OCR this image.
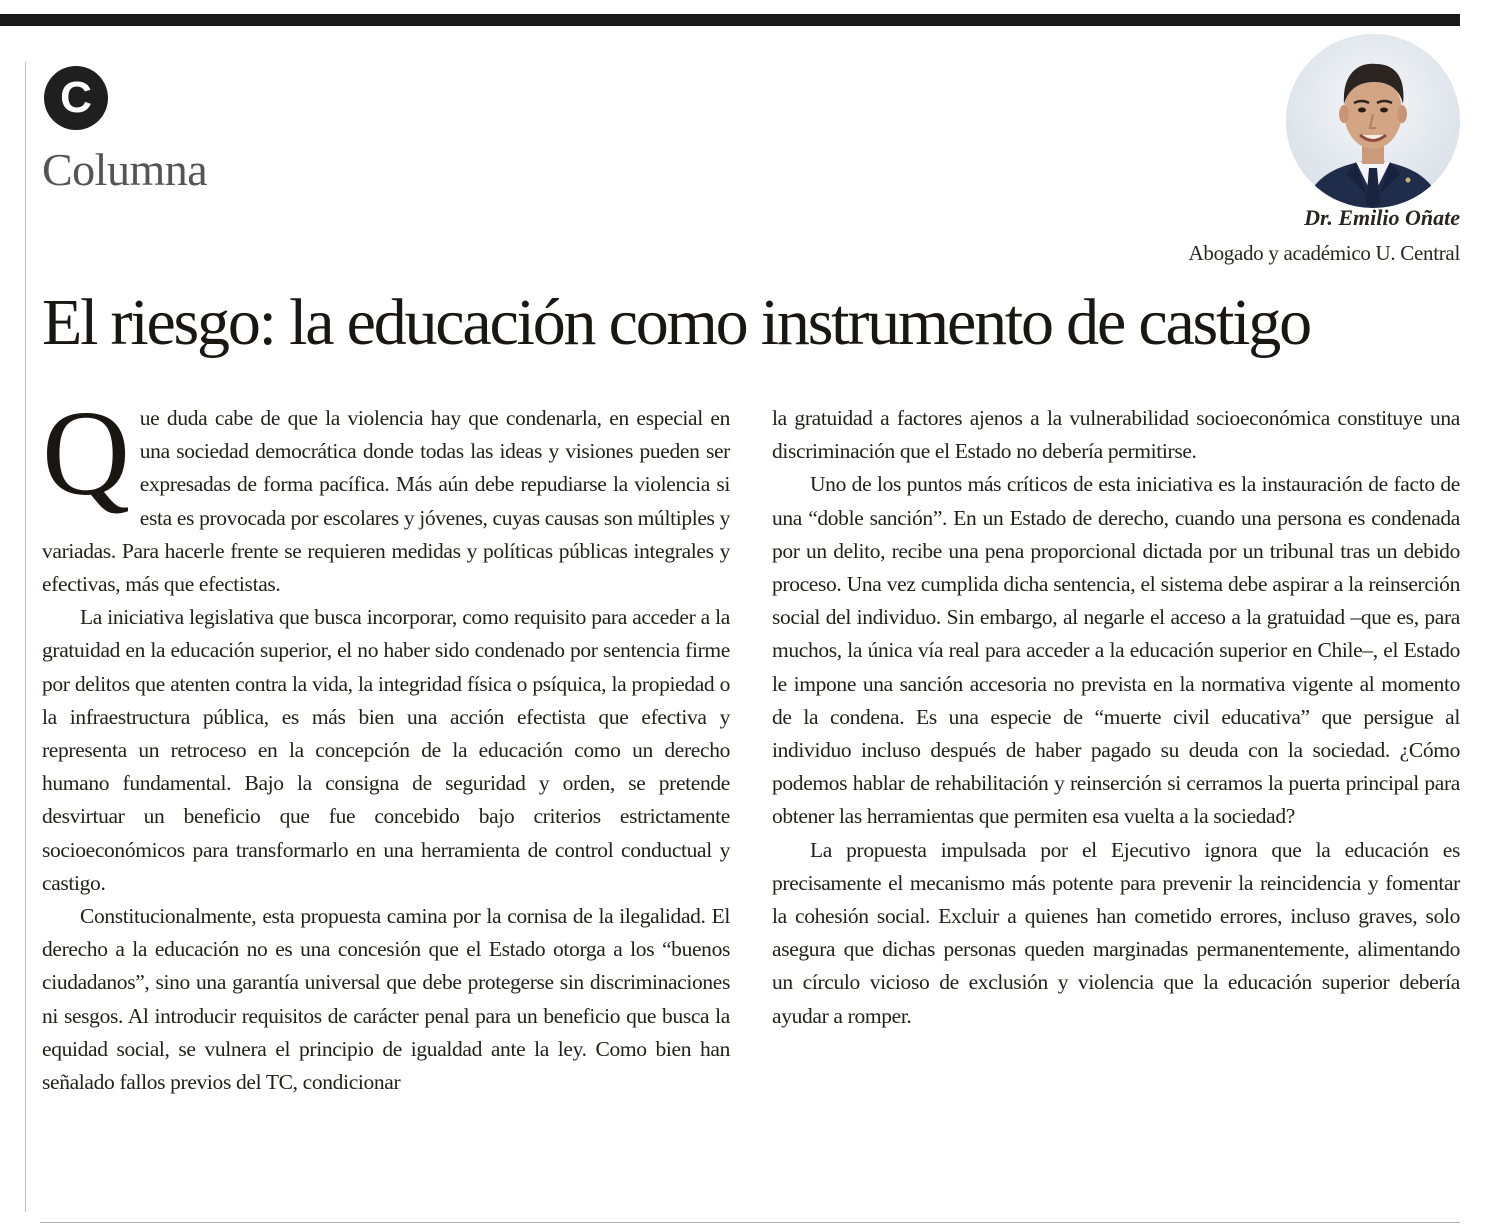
C
Columna
Dr. Emilio Oñate
Abogado y académico U. Central
El riesgo: la educación como instrumento de castigo

Que duda cabe de que la violencia hay que condenarla, en especial en una sociedad democrática donde todas las ideas y visiones pueden ser expresadas de forma pacífica. Más aún debe repudiarse la violencia si esta es provocada por escolares y jóvenes, cuyas causas son múltiples y variadas. Para hacerle frente se requieren medidas y políticas públicas integrales y efectivas, más que efectistas.

La iniciativa legislativa que busca incorporar, como requisito para acceder a la gratuidad en la educación superior, el no haber sido condenado por sentencia firme por delitos que atenten contra la vida, la integridad física o psíquica, la propiedad o la infraestructura pública, es más bien una acción efectista que efectiva y representa un retroceso en la concepción de la educación como un derecho humano fundamental. Bajo la consigna de seguridad y orden, se pretende desvirtuar un beneficio que fue concebido bajo criterios estrictamente socioeconómicos para transformarlo en una herramienta de control conductual y castigo.

Constitucionalmente, esta propuesta camina por la cornisa de la ilegalidad. El derecho a la educación no es una concesión que el Estado otorga a los “buenos ciudadanos”, sino una garantía universal que debe protegerse sin discriminaciones ni sesgos. Al introducir requisitos de carácter penal para un beneficio que busca la equidad social, se vulnera el principio de igualdad ante la ley. Como bien han señalado fallos previos del TC, condicionar

la gratuidad a factores ajenos a la vulnerabilidad socioeconómica constituye una discriminación que el Estado no debería permitirse.

Uno de los puntos más críticos de esta iniciativa es la instauración de facto de una “doble sanción”. En un Estado de derecho, cuando una persona es condenada por un delito, recibe una pena proporcional dictada por un tribunal tras un debido proceso. Una vez cumplida dicha sentencia, el sistema debe aspirar a la reinserción social del individuo. Sin embargo, al negarle el acceso a la gratuidad –que es, para muchos, la única vía real para acceder a la educación superior en Chile–, el Estado le impone una sanción accesoria no prevista en la normativa vigente al momento de la condena. Es una especie de “muerte civil educativa” que persigue al individuo incluso después de haber pagado su deuda con la sociedad. ¿Cómo podemos hablar de rehabilitación y reinserción si cerramos la puerta principal para obtener las herramientas que permiten esa vuelta a la sociedad?

La propuesta impulsada por el Ejecutivo ignora que la educación es precisamente el mecanismo más potente para prevenir la reincidencia y fomentar la cohesión social. Excluir a quienes han cometido errores, incluso graves, solo asegura que dichas personas queden marginadas permanentemente, alimentando un círculo vicioso de exclusión y violencia que la educación superior debería ayudar a romper.
